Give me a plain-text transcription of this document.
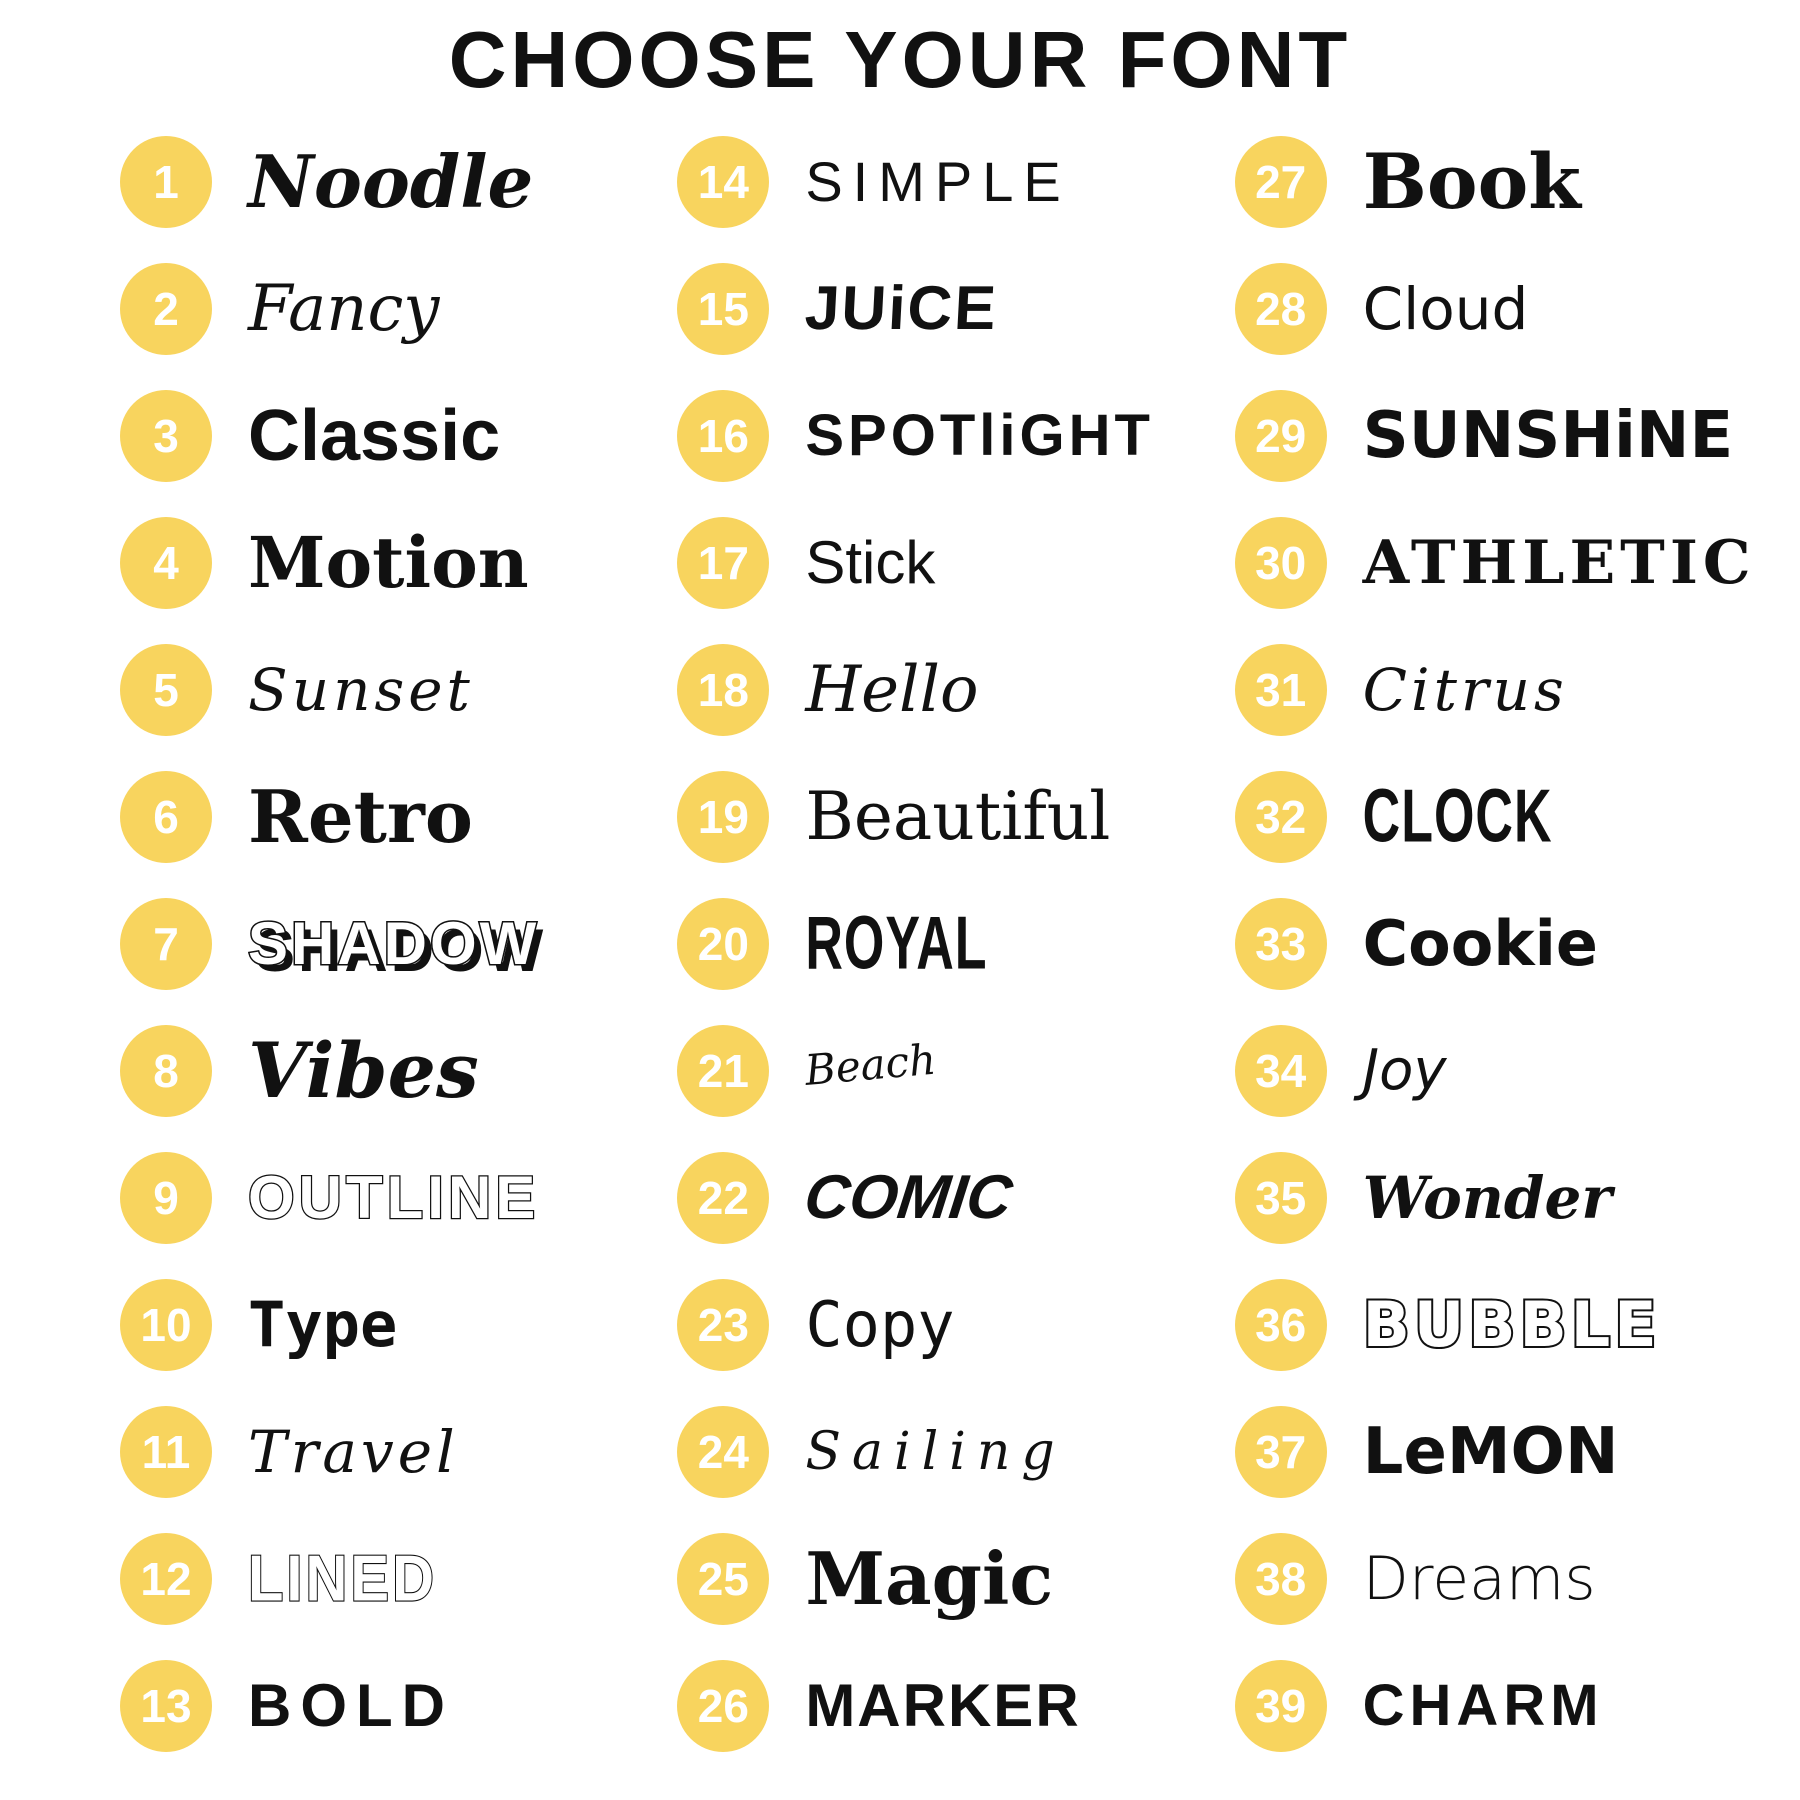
CHOOSE YOUR FONT
1 Noodle
2	Fancy
3 Classic
4 Motion
5	Sunset
6 Retro
7	SHADOW
8 Vibes
9	OUTLINE
10 Type
11 Travel
12 LINED
13 BOLD
14	SIMPLE
15 JUiCE
16 SPOTliGHT
17 Stick
18 Hello
19 Beautiful
20	ROYAL
21	Beach
22 COMIC
23 Copy
24	Sailing
25 Magic
26 MARKER
27 Book
28 Cloud
29 SUNSHiNE
30 ATHLETIC
31 Citrus
32	CLOCK
33 Cookie
34	Joy
35 Wonder
36 BUBBLE
37 LeMON
38 Dreams
39 CHARM
